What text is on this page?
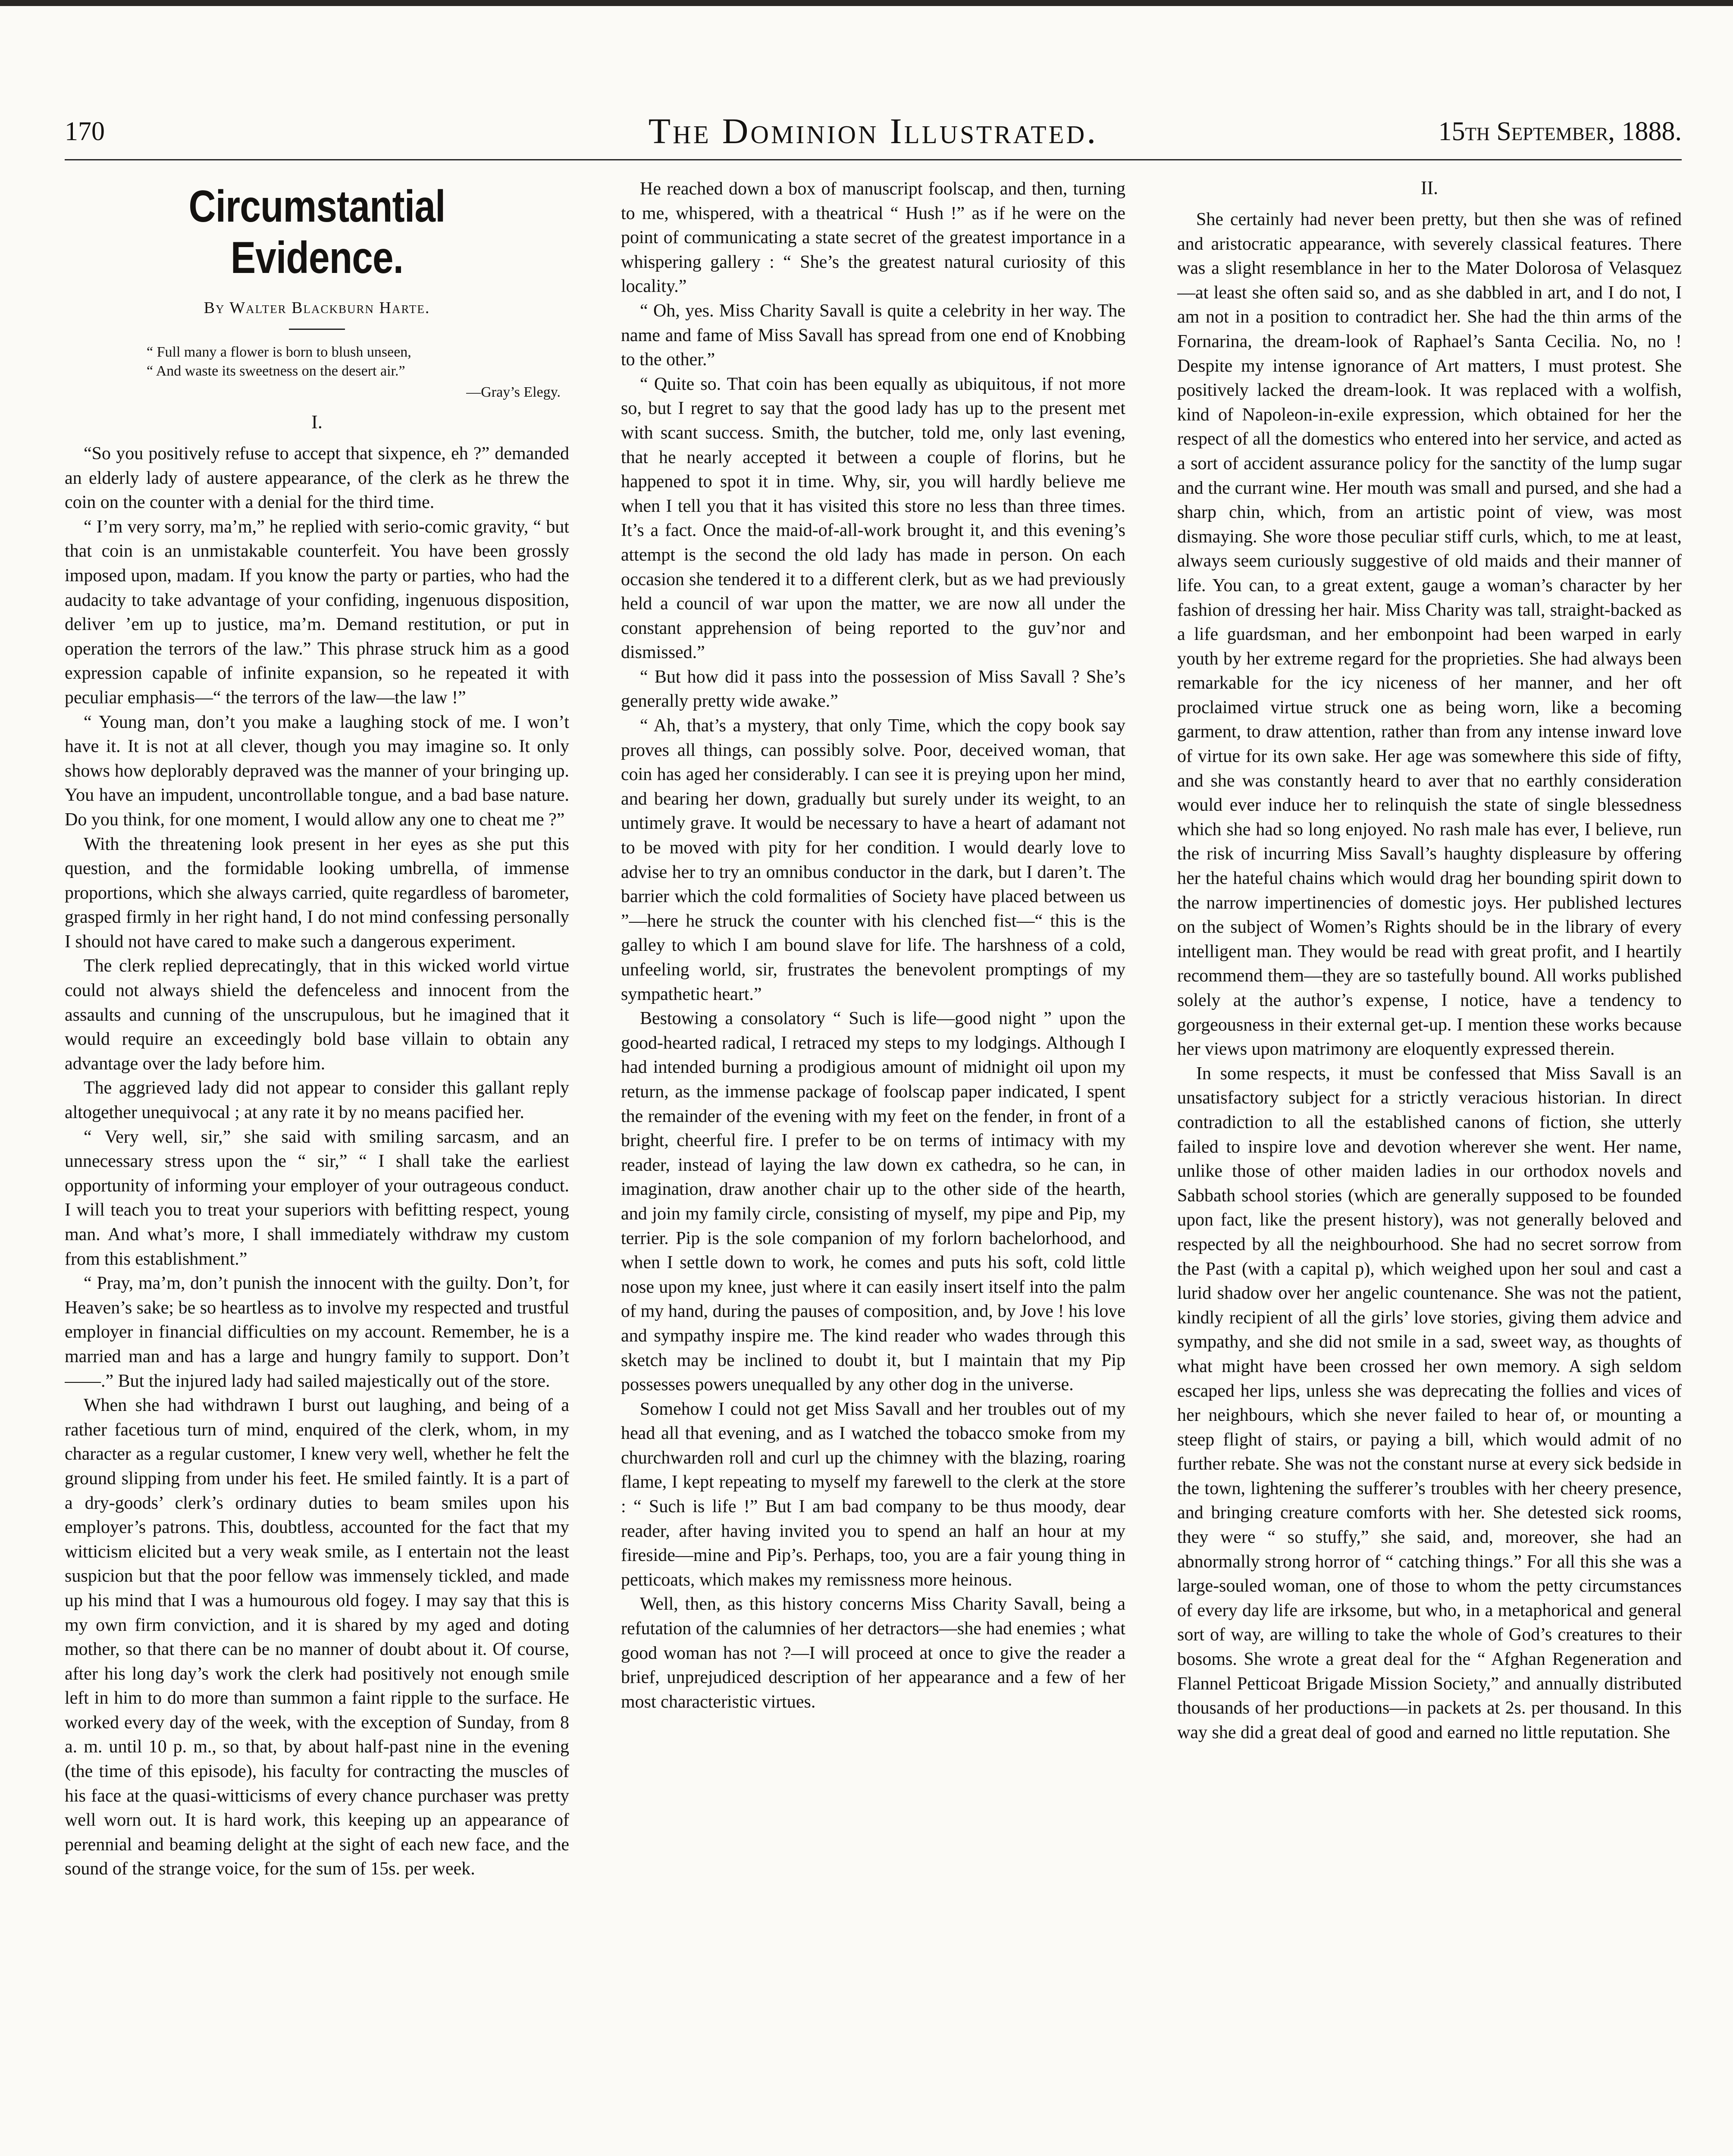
170	The Dominion Illustrated.	15th September, 1888.
Circumstantial Evidence.
By Walter Blackburn Harte.
“ Full many a flower is born to blush unseen,
“ And waste its sweetness on the desert air.”
—Gray’s Elegy.
I.

“So you positively refuse to accept that sixpence, eh ?” demanded an elderly lady of austere appearance, of the clerk as he threw the coin on the counter with a denial for the third time.

“ I’m very sorry, ma’m,” he replied with serio-comic gravity, “ but that coin is an unmistakable counterfeit. You have been grossly imposed upon, madam. If you know the party or parties, who had the audacity to take advantage of your confiding, ingenuous disposition, deliver ’em up to justice, ma’m. Demand restitution, or put in operation the terrors of the law.” This phrase struck him as a good expression capable of infinite expansion, so he repeated it with peculiar emphasis—“ the terrors of the law—the law !”

“ Young man, don’t you make a laughing stock of me. I won’t have it. It is not at all clever, though you may imagine so. It only shows how deplorably depraved was the manner of your bringing up. You have an impudent, uncontrollable tongue, and a bad base nature. Do you think, for one moment, I would allow any one to cheat me ?”

With the threatening look present in her eyes as she put this question, and the formidable looking umbrella, of immense proportions, which she always carried, quite regardless of barometer, grasped firmly in her right hand, I do not mind confessing personally I should not have cared to make such a dangerous experiment.

The clerk replied deprecatingly, that in this wicked world virtue could not always shield the defenceless and innocent from the assaults and cunning of the unscrupulous, but he imagined that it would require an exceedingly bold base villain to obtain any advantage over the lady before him.

The aggrieved lady did not appear to consider this gallant reply altogether unequivocal ; at any rate it by no means pacified her.

“ Very well, sir,” she said with smiling sarcasm, and an unnecessary stress upon the “ sir,” “ I shall take the earliest opportunity of informing your employer of your outrageous conduct. I will teach you to treat your superiors with befitting respect, young man. And what’s more, I shall immediately withdraw my custom from this establishment.”

“ Pray, ma’m, don’t punish the innocent with the guilty. Don’t, for Heaven’s sake; be so heartless as to involve my respected and trustful employer in financial difficulties on my account. Remember, he is a married man and has a large and hungry family to support. Don’t ——.” But the injured lady had sailed majestically out of the store.

When she had withdrawn I burst out laughing, and being of a rather facetious turn of mind, enquired of the clerk, whom, in my character as a regular customer, I knew very well, whether he felt the ground slipping from under his feet. He smiled faintly. It is a part of a dry-goods’ clerk’s ordinary duties to beam smiles upon his employer’s patrons. This, doubtless, accounted for the fact that my witticism elicited but a very weak smile, as I entertain not the least suspicion but that the poor fellow was immensely tickled, and made up his mind that I was a humourous old fogey. I may say that this is my own firm conviction, and it is shared by my aged and doting mother, so that there can be no manner of doubt about it. Of course, after his long day’s work the clerk had positively not enough smile left in him to do more than summon a faint ripple to the surface. He worked every day of the week, with the exception of Sunday, from 8 a. m. until 10 p. m., so that, by about half-past nine in the evening (the time of this episode), his faculty for contracting the muscles of his face at the quasi-witticisms of every chance purchaser was pretty well worn out. It is hard work, this keeping up an appearance of perennial and beaming delight at the sight of each new face, and the sound of the strange voice, for the sum of 15s. per week.

He reached down a box of manuscript foolscap, and then, turning to me, whispered, with a theatrical “ Hush !” as if he were on the point of communicating a state secret of the greatest importance in a whispering gallery : “ She’s the greatest natural curiosity of this locality.”

“ Oh, yes. Miss Charity Savall is quite a celebrity in her way. The name and fame of Miss Savall has spread from one end of Knobbing to the other.”

“ Quite so. That coin has been equally as ubiquitous, if not more so, but I regret to say that the good lady has up to the present met with scant success. Smith, the butcher, told me, only last evening, that he nearly accepted it between a couple of florins, but he happened to spot it in time. Why, sir, you will hardly believe me when I tell you that it has visited this store no less than three times. It’s a fact. Once the maid-of-all-work brought it, and this evening’s attempt is the second the old lady has made in person. On each occasion she tendered it to a different clerk, but as we had previously held a council of war upon the matter, we are now all under the constant apprehension of being reported to the guv’nor and dismissed.”

“ But how did it pass into the possession of Miss Savall ? She’s generally pretty wide awake.”

“ Ah, that’s a mystery, that only Time, which the copy book say proves all things, can possibly solve. Poor, deceived woman, that coin has aged her considerably. I can see it is preying upon her mind, and bearing her down, gradually but surely under its weight, to an untimely grave. It would be necessary to have a heart of adamant not to be moved with pity for her condition. I would dearly love to advise her to try an omnibus conductor in the dark, but I daren’t. The barrier which the cold formalities of Society have placed between us ”—here he struck the counter with his clenched fist—“ this is the galley to which I am bound slave for life. The harshness of a cold, unfeeling world, sir, frustrates the benevolent promptings of my sympathetic heart.”

Bestowing a consolatory “ Such is life—good night ” upon the good-hearted radical, I retraced my steps to my lodgings. Although I had intended burning a prodigious amount of midnight oil upon my return, as the immense package of foolscap paper indicated, I spent the remainder of the evening with my feet on the fender, in front of a bright, cheerful fire. I prefer to be on terms of intimacy with my reader, instead of laying the law down ex cathedra, so he can, in imagination, draw another chair up to the other side of the hearth, and join my family circle, consisting of myself, my pipe and Pip, my terrier. Pip is the sole companion of my forlorn bachelorhood, and when I settle down to work, he comes and puts his soft, cold little nose upon my knee, just where it can easily insert itself into the palm of my hand, during the pauses of composition, and, by Jove ! his love and sympathy inspire me. The kind reader who wades through this sketch may be inclined to doubt it, but I maintain that my Pip possesses powers unequalled by any other dog in the universe.

Somehow I could not get Miss Savall and her troubles out of my head all that evening, and as I watched the tobacco smoke from my churchwarden roll and curl up the chimney with the blazing, roaring flame, I kept repeating to myself my farewell to the clerk at the store : “ Such is life !” But I am bad company to be thus moody, dear reader, after having invited you to spend an half an hour at my fireside—mine and Pip’s. Perhaps, too, you are a fair young thing in petticoats, which makes my remissness more heinous.

Well, then, as this history concerns Miss Charity Savall, being a refutation of the calumnies of her detractors—she had enemies ; what good woman has not ?—I will proceed at once to give the reader a brief, unprejudiced description of her appearance and a few of her most characteristic virtues.

II.

She certainly had never been pretty, but then she was of refined and aristocratic appearance, with severely classical features. There was a slight resemblance in her to the Mater Dolorosa of Velasquez—at least she often said so, and as she dabbled in art, and I do not, I am not in a position to contradict her. She had the thin arms of the Fornarina, the dream-look of Raphael’s Santa Cecilia. No, no ! Despite my intense ignorance of Art matters, I must protest. She positively lacked the dream-look. It was replaced with a wolfish, kind of Napoleon-in-exile expression, which obtained for her the respect of all the domestics who entered into her service, and acted as a sort of accident assurance policy for the sanctity of the lump sugar and the currant wine. Her mouth was small and pursed, and she had a sharp chin, which, from an artistic point of view, was most dismaying. She wore those peculiar stiff curls, which, to me at least, always seem curiously suggestive of old maids and their manner of life. You can, to a great extent, gauge a woman’s character by her fashion of dressing her hair. Miss Charity was tall, straight-backed as a life guardsman, and her embonpoint had been warped in early youth by her extreme regard for the proprieties. She had always been remarkable for the icy niceness of her manner, and her oft proclaimed virtue struck one as being worn, like a becoming garment, to draw attention, rather than from any intense inward love of virtue for its own sake. Her age was somewhere this side of fifty, and she was constantly heard to aver that no earthly consideration would ever induce her to relinquish the state of single blessedness which she had so long enjoyed. No rash male has ever, I believe, run the risk of incurring Miss Savall’s haughty displeasure by offering her the hateful chains which would drag her bounding spirit down to the narrow impertinencies of domestic joys. Her published lectures on the subject of Women’s Rights should be in the library of every intelligent man. They would be read with great profit, and I heartily recommend them—they are so tastefully bound. All works published solely at the author’s expense, I notice, have a tendency to gorgeousness in their external get-up. I mention these works because her views upon matrimony are eloquently expressed therein.

In some respects, it must be confessed that Miss Savall is an unsatisfactory subject for a strictly veracious historian. In direct contradiction to all the established canons of fiction, she utterly failed to inspire love and devotion wherever she went. Her name, unlike those of other maiden ladies in our orthodox novels and Sabbath school stories (which are generally supposed to be founded upon fact, like the present history), was not generally beloved and respected by all the neighbourhood. She had no secret sorrow from the Past (with a capital p), which weighed upon her soul and cast a lurid shadow over her angelic countenance. She was not the patient, kindly recipient of all the girls’ love stories, giving them advice and sympathy, and she did not smile in a sad, sweet way, as thoughts of what might have been crossed her own memory. A sigh seldom escaped her lips, unless she was deprecating the follies and vices of her neighbours, which she never failed to hear of, or mounting a steep flight of stairs, or paying a bill, which would admit of no further rebate. She was not the constant nurse at every sick bedside in the town, lightening the sufferer’s troubles with her cheery presence, and bringing creature comforts with her. She detested sick rooms, they were “ so stuffy,” she said, and, moreover, she had an abnormally strong horror of “ catching things.” For all this she was a large-souled woman, one of those to whom the petty circumstances of every day life are irksome, but who, in a metaphorical and general sort of way, are willing to take the whole of God’s creatures to their bosoms. She wrote a great deal for the “ Afghan Regeneration and Flannel Petticoat Brigade Mission Society,” and annually distributed thousands of her productions—in packets at 2s. per thousand. In this way she did a great deal of good and earned no little reputation. She
